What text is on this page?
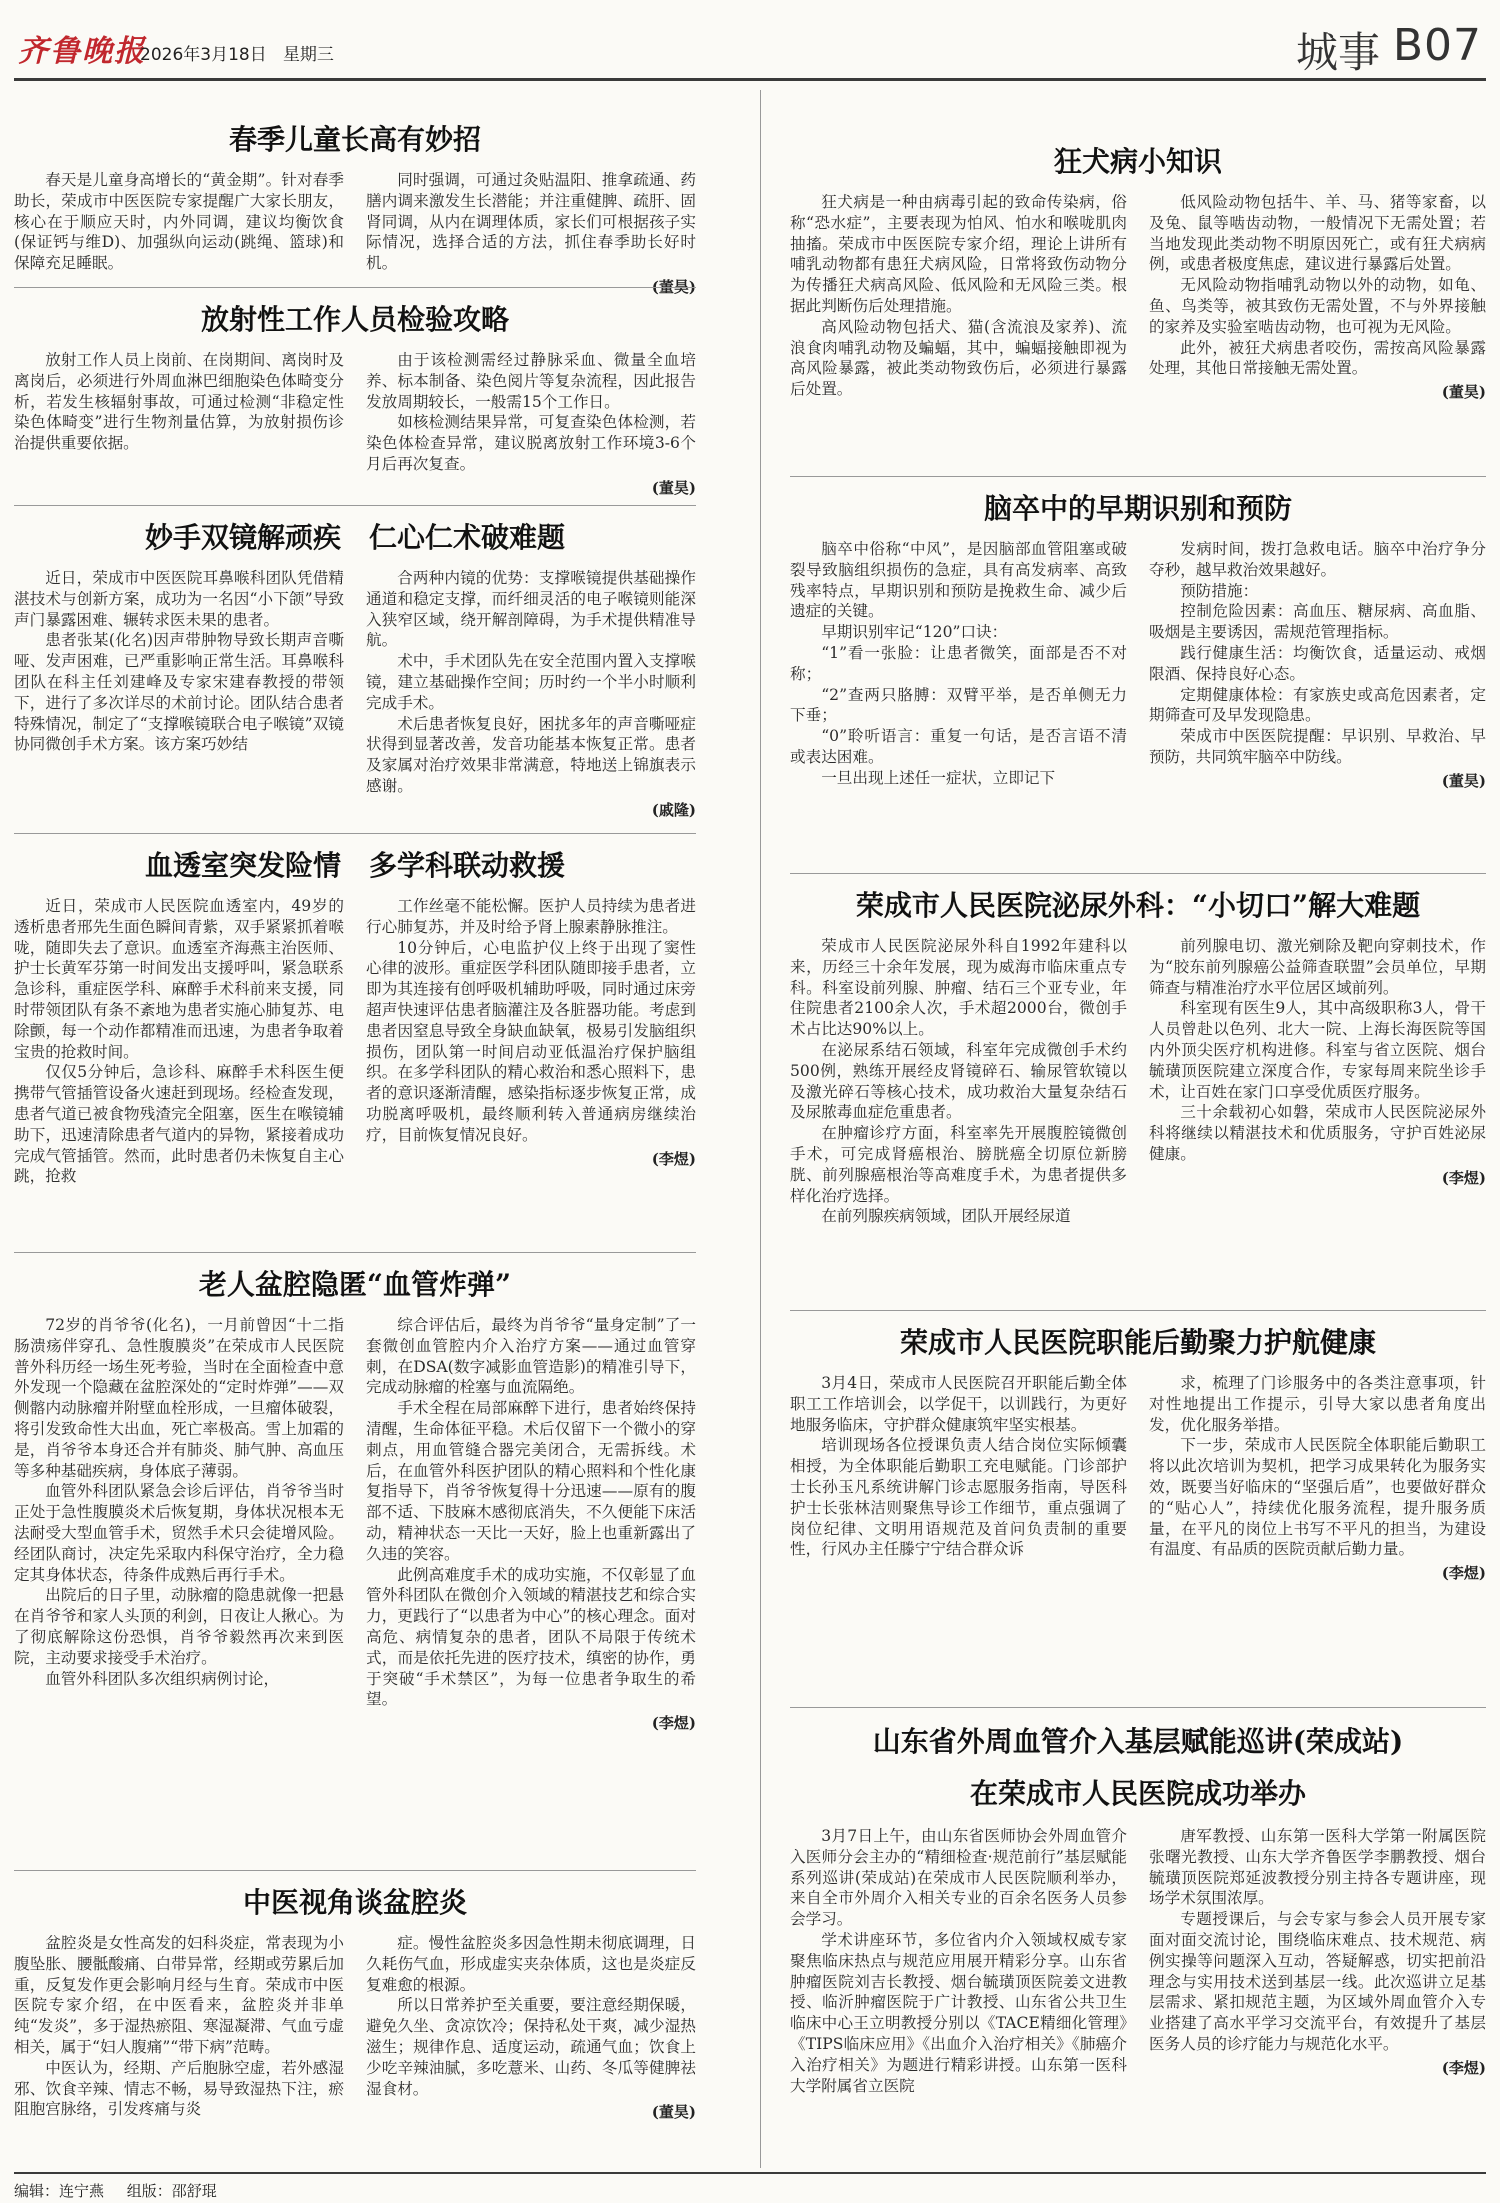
齐鲁晚报
2026年3月18日 星期三	城事 B07
春季儿童长高有妙招

春天是儿童身高增长的“黄金期”。针对春季助长，荣成市中医医院专家提醒广大家长朋友，核心在于顺应天时，内外同调，建议均衡饮食(保证钙与维D)、加强纵向运动(跳绳、篮球)和保障充足睡眠。

同时强调，可通过灸贴温阳、推拿疏通、药膳内调来激发生长潜能；并注重健脾、疏肝、固肾同调，从内在调理体质，家长们可根据孩子实际情况，选择合适的方法，抓住春季助长好时机。

(董昊)
放射性工作人员检验攻略

放射工作人员上岗前、在岗期间、离岗时及离岗后，必须进行外周血淋巴细胞染色体畸变分析，若发生核辐射事故，可通过检测“非稳定性染色体畸变”进行生物剂量估算，为放射损伤诊治提供重要依据。

由于该检测需经过静脉采血、微量全血培养、标本制备、染色阅片等复杂流程，因此报告发放周期较长，一般需15个工作日。

如核检测结果异常，可复查染色体检测，若染色体检查异常，建议脱离放射工作环境3-6个月后再次复查。

(董昊)
妙手双镜解顽疾　仁心仁术破难题

近日，荣成市中医医院耳鼻喉科团队凭借精湛技术与创新方案，成功为一名因“小下颌”导致声门暴露困难、辗转求医未果的患者。

患者张某(化名)因声带肿物导致长期声音嘶哑、发声困难，已严重影响正常生活。耳鼻喉科团队在科主任刘建峰及专家宋建春教授的带领下，进行了多次详尽的术前讨论。团队结合患者特殊情况，制定了“支撑喉镜联合电子喉镜”双镜协同微创手术方案。该方案巧妙结

合两种内镜的优势：支撑喉镜提供基础操作通道和稳定支撑，而纤细灵活的电子喉镜则能深入狭窄区域，绕开解剖障碍，为手术提供精准导航。

术中，手术团队先在安全范围内置入支撑喉镜，建立基础操作空间；历时约一个半小时顺利完成手术。

术后患者恢复良好，困扰多年的声音嘶哑症状得到显著改善，发音功能基本恢复正常。患者及家属对治疗效果非常满意，特地送上锦旗表示感谢。

(戚隆)
血透室突发险情　多学科联动救援

近日，荣成市人民医院血透室内，49岁的透析患者邢先生面色瞬间青紫，双手紧紧抓着喉咙，随即失去了意识。血透室齐海燕主治医师、护士长黄军芬第一时间发出支援呼叫，紧急联系急诊科，重症医学科、麻醉手术科前来支援，同时带领团队有条不紊地为患者实施心肺复苏、电除颤，每一个动作都精准而迅速，为患者争取着宝贵的抢救时间。

仅仅5分钟后，急诊科、麻醉手术科医生便携带气管插管设备火速赶到现场。经检查发现，患者气道已被食物残渣完全阻塞，医生在喉镜辅助下，迅速清除患者气道内的异物，紧接着成功完成气管插管。然而，此时患者仍未恢复自主心跳，抢救

工作丝毫不能松懈。医护人员持续为患者进行心肺复苏，并及时给予肾上腺素静脉推注。

10分钟后，心电监护仪上终于出现了窦性心律的波形。重症医学科团队随即接手患者，立即为其连接有创呼吸机辅助呼吸，同时通过床旁超声快速评估患者脑灌注及各脏器功能。考虑到患者因窒息导致全身缺血缺氧，极易引发脑组织损伤，团队第一时间启动亚低温治疗保护脑组织。在多学科团队的精心救治和悉心照料下，患者的意识逐渐清醒，感染指标逐步恢复正常，成功脱离呼吸机，最终顺利转入普通病房继续治疗，目前恢复情况良好。

(李煜)
老人盆腔隐匿“血管炸弹”

72岁的肖爷爷(化名)，一月前曾因“十二指肠溃疡伴穿孔、急性腹膜炎”在荣成市人民医院普外科历经一场生死考验，当时在全面检查中意外发现一个隐藏在盆腔深处的“定时炸弹”——双侧髂内动脉瘤并附壁血栓形成，一旦瘤体破裂，将引发致命性大出血，死亡率极高。雪上加霜的是，肖爷爷本身还合并有肺炎、肺气肿、高血压等多种基础疾病，身体底子薄弱。

血管外科团队紧急会诊后评估，肖爷爷当时正处于急性腹膜炎术后恢复期，身体状况根本无法耐受大型血管手术，贸然手术只会徒增风险。经团队商讨，决定先采取内科保守治疗，全力稳定其身体状态，待条件成熟后再行手术。

出院后的日子里，动脉瘤的隐患就像一把悬在肖爷爷和家人头顶的利剑，日夜让人揪心。为了彻底解除这份恐惧，肖爷爷毅然再次来到医院，主动要求接受手术治疗。

血管外科团队多次组织病例讨论，

综合评估后，最终为肖爷爷“量身定制”了一套微创血管腔内介入治疗方案——通过血管穿刺，在DSA(数字减影血管造影)的精准引导下，完成动脉瘤的栓塞与血流隔绝。

手术全程在局部麻醉下进行，患者始终保持清醒，生命体征平稳。术后仅留下一个微小的穿刺点，用血管缝合器完美闭合，无需拆线。术后，在血管外科医护团队的精心照料和个性化康复指导下，肖爷爷恢复得十分迅速——原有的腹部不适、下肢麻木感彻底消失，不久便能下床活动，精神状态一天比一天好，脸上也重新露出了久违的笑容。

此例高难度手术的成功实施，不仅彰显了血管外科团队在微创介入领域的精湛技艺和综合实力，更践行了“以患者为中心”的核心理念。面对高危、病情复杂的患者，团队不局限于传统术式，而是依托先进的医疗技术，缜密的协作，勇于突破“手术禁区”，为每一位患者争取生的希望。

(李煜)
中医视角谈盆腔炎

盆腔炎是女性高发的妇科炎症，常表现为小腹坠胀、腰骶酸痛、白带异常，经期或劳累后加重，反复发作更会影响月经与生育。荣成市中医医院专家介绍，在中医看来，盆腔炎并非单纯“发炎”，多于湿热瘀阻、寒湿凝滞、气血亏虚相关，属于“妇人腹痛”“带下病”范畴。

中医认为，经期、产后胞脉空虚，若外感湿邪、饮食辛辣、情志不畅，易导致湿热下注，瘀阻胞宫脉络，引发疼痛与炎

症。慢性盆腔炎多因急性期未彻底调理，日久耗伤气血，形成虚实夹杂体质，这也是炎症反复难愈的根源。

所以日常养护至关重要，要注意经期保暖，避免久坐、贪凉饮冷；保持私处干爽，减少湿热滋生；规律作息、适度运动，疏通气血；饮食上少吃辛辣油腻，多吃薏米、山药、冬瓜等健脾祛湿食材。

(董昊)
狂犬病小知识

狂犬病是一种由病毒引起的致命传染病，俗称“恐水症”，主要表现为怕风、怕水和喉咙肌肉抽搐。荣成市中医医院专家介绍，理论上讲所有哺乳动物都有患狂犬病风险，日常将致伤动物分为传播狂犬病高风险、低风险和无风险三类。根据此判断伤后处理措施。

高风险动物包括犬、猫(含流浪及家养)、流浪食肉哺乳动物及蝙蝠，其中，蝙蝠接触即视为高风险暴露，被此类动物致伤后，必须进行暴露后处置。

低风险动物包括牛、羊、马、猪等家畜，以及兔、鼠等啮齿动物，一般情况下无需处置；若当地发现此类动物不明原因死亡，或有狂犬病病例，或患者极度焦虑，建议进行暴露后处置。

无风险动物指哺乳动物以外的动物，如龟、鱼、鸟类等，被其致伤无需处置，不与外界接触的家养及实验室啮齿动物，也可视为无风险。

此外，被狂犬病患者咬伤，需按高风险暴露处理，其他日常接触无需处置。

(董昊)
脑卒中的早期识别和预防

脑卒中俗称“中风”，是因脑部血管阻塞或破裂导致脑组织损伤的急症，具有高发病率、高致残率特点，早期识别和预防是挽救生命、减少后遗症的关键。

早期识别牢记“120”口诀：

“1”看一张脸：让患者微笑，面部是否不对称；

“2”查两只胳膊：双臂平举，是否单侧无力下垂；

“0”聆听语言：重复一句话，是否言语不清或表达困难。

一旦出现上述任一症状，立即记下

发病时间，拨打急救电话。脑卒中治疗争分夺秒，越早救治效果越好。

预防措施：

控制危险因素：高血压、糖尿病、高血脂、吸烟是主要诱因，需规范管理指标。

践行健康生活：均衡饮食，适量运动、戒烟限酒、保持良好心态。

定期健康体检：有家族史或高危因素者，定期筛查可及早发现隐患。

荣成市中医医院提醒：早识别、早救治、早预防，共同筑牢脑卒中防线。

(董昊)
荣成市人民医院泌尿外科：“小切口”解大难题

荣成市人民医院泌尿外科自1992年建科以来，历经三十余年发展，现为威海市临床重点专科。科室设前列腺、肿瘤、结石三个亚专业，年住院患者2100余人次，手术超2000台，微创手术占比达90%以上。

在泌尿系结石领域，科室年完成微创手术约500例，熟练开展经皮肾镜碎石、输尿管软镜以及激光碎石等核心技术，成功救治大量复杂结石及尿脓毒血症危重患者。

在肿瘤诊疗方面，科室率先开展腹腔镜微创手术，可完成肾癌根治、膀胱癌全切原位新膀胱、前列腺癌根治等高难度手术，为患者提供多样化治疗选择。

在前列腺疾病领域，团队开展经尿道

前列腺电切、激光剜除及靶向穿刺技术，作为“胶东前列腺癌公益筛查联盟”会员单位，早期筛查与精准治疗水平位居区域前列。

科室现有医生9人，其中高级职称3人，骨干人员曾赴以色列、北大一院、上海长海医院等国内外顶尖医疗机构进修。科室与省立医院、烟台毓璜顶医院建立深度合作，专家每周来院坐诊手术，让百姓在家门口享受优质医疗服务。

三十余载初心如磐，荣成市人民医院泌尿外科将继续以精湛技术和优质服务，守护百姓泌尿健康。

(李煜)
荣成市人民医院职能后勤聚力护航健康

3月4日，荣成市人民医院召开职能后勤全体职工工作培训会，以学促干，以训践行，为更好地服务临床，守护群众健康筑牢坚实根基。

培训现场各位授课负责人结合岗位实际倾囊相授，为全体职能后勤职工充电赋能。门诊部护士长孙玉凡系统讲解门诊志愿服务指南，导医科护士长张林洁则聚焦导诊工作细节，重点强调了岗位纪律、文明用语规范及首问负责制的重要性，行风办主任滕宁宁结合群众诉

求，梳理了门诊服务中的各类注意事项，针对性地提出工作提示，引导大家以患者角度出发，优化服务举措。

下一步，荣成市人民医院全体职能后勤职工将以此次培训为契机，把学习成果转化为服务实效，既要当好临床的“坚强后盾”，也要做好群众的“贴心人”，持续优化服务流程，提升服务质量，在平凡的岗位上书写不平凡的担当，为建设有温度、有品质的医院贡献后勤力量。

(李煜)
山东省外周血管介入基层赋能巡讲(荣成站)
在荣成市人民医院成功举办

3月7日上午，由山东省医师协会外周血管介入医师分会主办的“精细检查·规范前行”基层赋能系列巡讲(荣成站)在荣成市人民医院顺利举办，来自全市外周介入相关专业的百余名医务人员参会学习。

学术讲座环节，多位省内介入领域权威专家聚焦临床热点与规范应用展开精彩分享。山东省肿瘤医院刘吉长教授、烟台毓璜顶医院姜文进教授、临沂肿瘤医院于广计教授、山东省公共卫生临床中心王立明教授分别以《TACE精细化管理》《TIPS临床应用》《出血介入治疗相关》《肺癌介入治疗相关》为题进行精彩讲授。山东第一医科大学附属省立医院

唐军教授、山东第一医科大学第一附属医院张曙光教授、山东大学齐鲁医学李鹏教授、烟台毓璜顶医院郑延波教授分别主持各专题讲座，现场学术氛围浓厚。

专题授课后，与会专家与参会人员开展专家面对面交流讨论，围绕临床难点、技术规范、病例实操等问题深入互动，答疑解惑，切实把前沿理念与实用技术送到基层一线。此次巡讲立足基层需求、紧扣规范主题，为区域外周血管介入专业搭建了高水平学习交流平台，有效提升了基层医务人员的诊疗能力与规范化水平。

(李煜)
编辑：连宁燕 组版：邵舒琨
